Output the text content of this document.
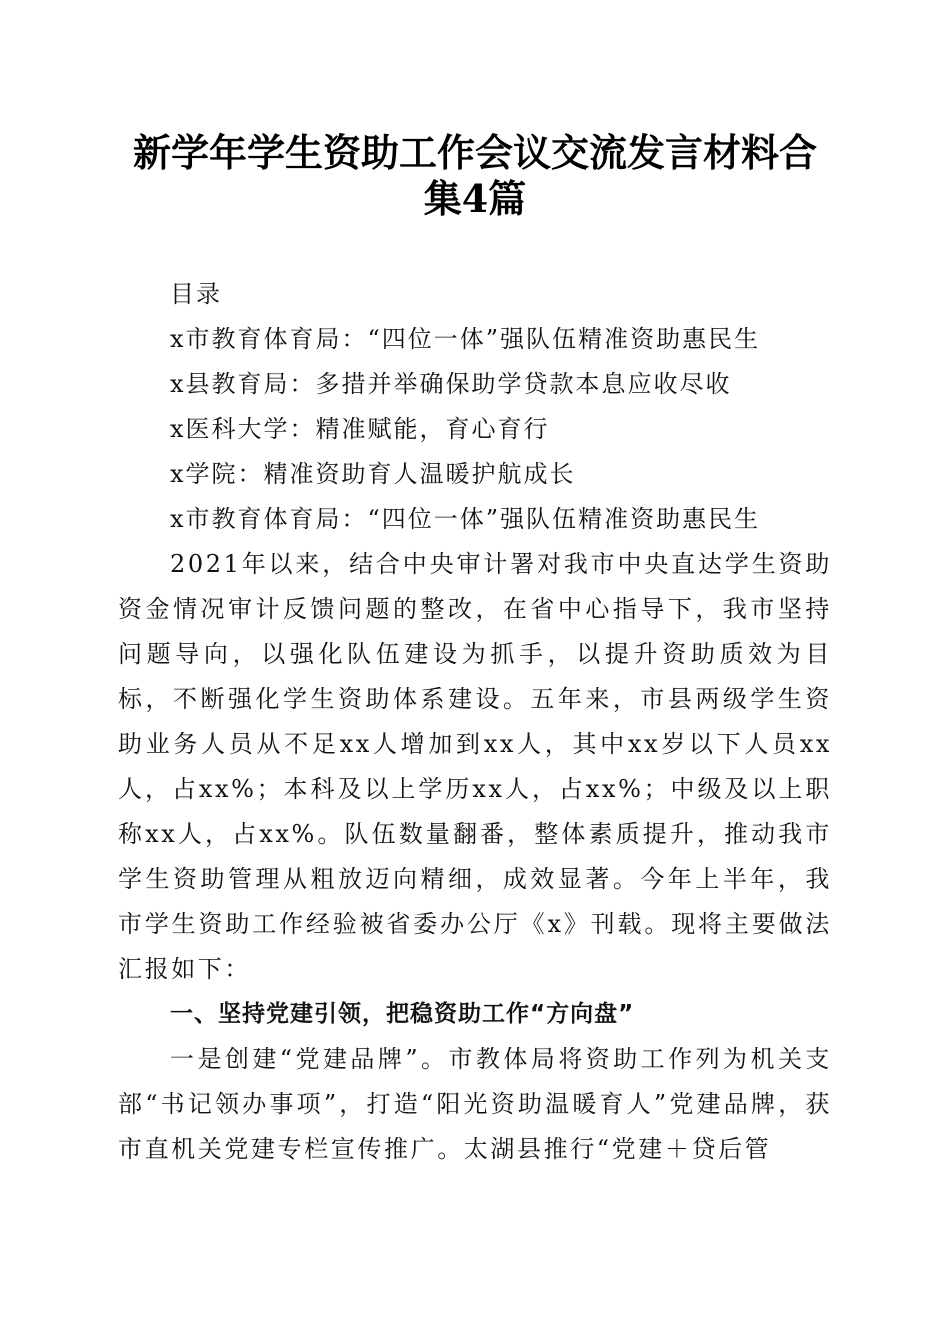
新学年学生资助工作会议交流发言材料合集4篇

目录

x市教育体育局：“四位一体”强队伍精准资助惠民生

x县教育局：多措并举确保助学贷款本息应收尽收

x医科大学：精准赋能，育心育行

x学院：精准资助育人温暖护航成长

x市教育体育局：“四位一体”强队伍精准资助惠民生

2021年以来，结合中央审计署对我市中央直达学生资助资金情况审计反馈问题的整改，在省中心指导下，我市坚持问题导向，以强化队伍建设为抓手，以提升资助质效为目标，不断强化学生资助体系建设。五年来，市县两级学生资助业务人员从不足xx人增加到xx人，其中xx岁以下人员xx人，占xx%；本科及以上学历xx人，占xx%；中级及以上职称xx人，占xx%。队伍数量翻番，整体素质提升，推动我市学生资助管理从粗放迈向精细，成效显著。今年上半年，我市学生资助工作经验被省委办公厅《x》刊载。现将主要做法汇报如下：

一、坚持党建引领，把稳资助工作“方向盘”

一是创建“党建品牌”。市教体局将资助工作列为机关支部“书记领办事项”，打造“阳光资助温暖育人”党建品牌，获市直机关党建专栏宣传推广。太湖县推行“党建＋贷后管
